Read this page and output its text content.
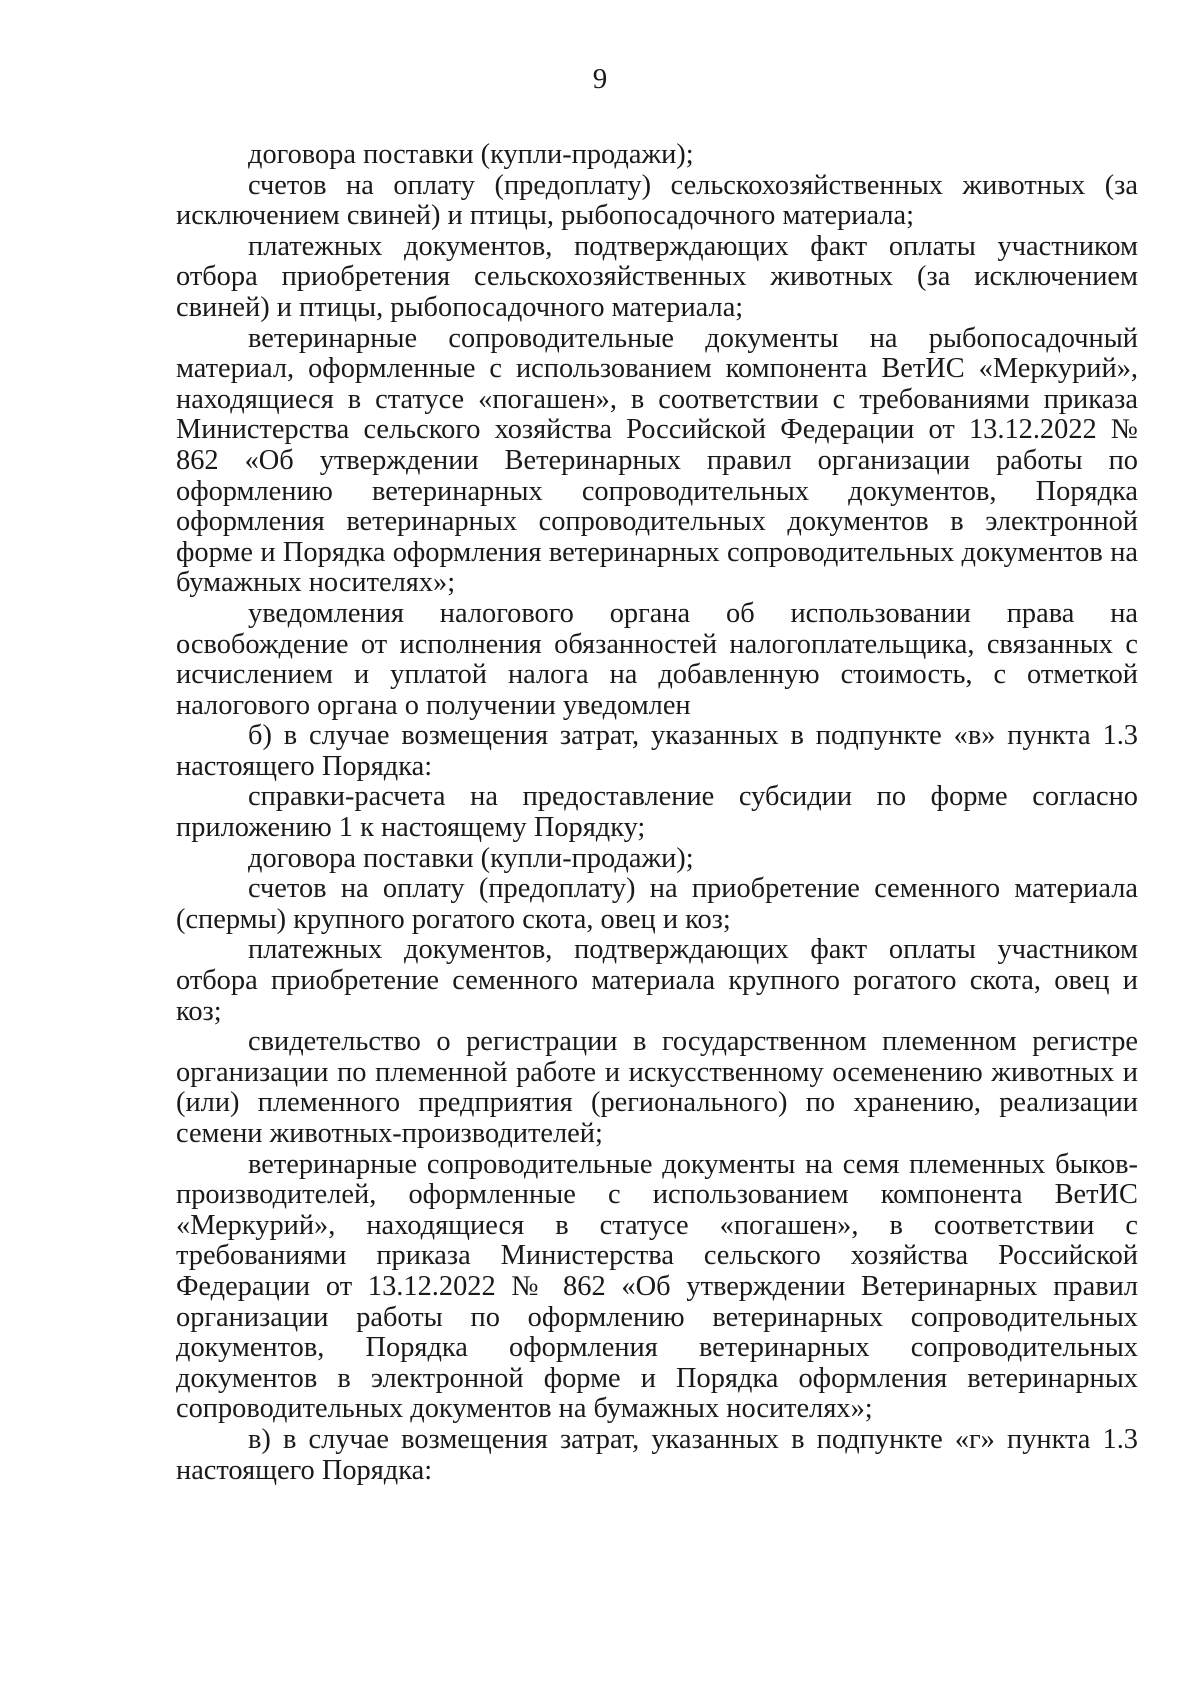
9

договора поставки (купли-продажи);

счетов на оплату (предоплату) сельскохозяйственных животных (за исключением свиней) и птицы, рыбопосадочного материала;

платежных документов, подтверждающих факт оплаты участником отбора приобретения сельскохозяйственных животных (за исключением свиней) и птицы, рыбопосадочного материала;

ветеринарные сопроводительные документы на рыбопосадочный материал, оформленные с использованием компонента ВетИС «Меркурий», находящиеся в статусе «погашен», в соответствии с требованиями приказа Министерства сельского хозяйства Российской Федерации от 13.12.2022 № 862 «Об утверждении Ветеринарных правил организации работы по оформлению ветеринарных сопроводительных документов, Порядка оформления ветеринарных сопроводительных документов в электронной форме и Порядка оформления ветеринарных сопроводительных документов на бумажных носителях»;

уведомления налогового органа об использовании права на освобождение от исполнения обязанностей налогоплательщика, связанных с исчислением и уплатой налога на добавленную стоимость, с отметкой налогового органа о получении уведомлен

б) в случае возмещения затрат, указанных в подпункте «в» пункта 1.3 настоящего Порядка:

справки-расчета на предоставление субсидии по форме согласно приложению 1 к настоящему Порядку;

договора поставки (купли-продажи);

счетов на оплату (предоплату) на приобретение семенного материала (спермы) крупного рогатого скота, овец и коз;

платежных документов, подтверждающих факт оплаты участником отбора приобретение семенного материала крупного рогатого скота, овец и коз;

свидетельство о регистрации в государственном племенном регистре организации по племенной работе и искусственному осеменению животных и (или) племенного предприятия (регионального) по хранению, реализации семени животных-производителей;

ветеринарные сопроводительные документы на семя племенных быков-производителей, оформленные с использованием компонента ВетИС «Меркурий», находящиеся в статусе «погашен», в соответствии с требованиями приказа Министерства сельского хозяйства Российской Федерации от 13.12.2022 № 862 «Об утверждении Ветеринарных правил организации работы по оформлению ветеринарных сопроводительных документов, Порядка оформления ветеринарных сопроводительных документов в электронной форме и Порядка оформления ветеринарных сопроводительных документов на бумажных носителях»;

в) в случае возмещения затрат, указанных в подпункте «г» пункта 1.3 настоящего Порядка:
